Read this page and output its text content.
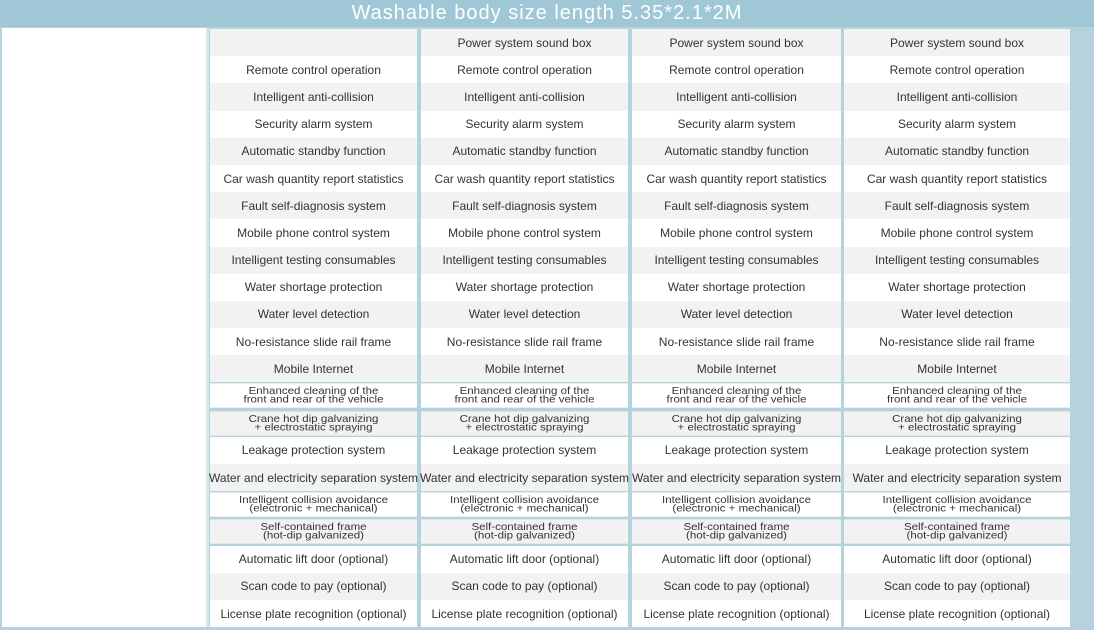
Washable body size length 5.35*2.1*2M
Remote control operation
Intelligent anti-collision
Security alarm system
Automatic standby function
Car wash quantity report statistics
Fault self-diagnosis system
Mobile phone control system
Intelligent testing consumables
Water shortage protection
Water level detection
No-resistance slide rail frame
Mobile Internet
Enhanced cleaning of the
front and rear of the vehicle
Crane hot dip galvanizing
+ electrostatic spraying
Leakage protection system
Water and electricity separation system
Intelligent collision avoidance
(electronic + mechanical)
Self-contained frame
(hot-dip galvanized)
Automatic lift door (optional)
Scan code to pay (optional)
License plate recognition (optional)
Power system sound box
Remote control operation
Intelligent anti-collision
Security alarm system
Automatic standby function
Car wash quantity report statistics
Fault self-diagnosis system
Mobile phone control system
Intelligent testing consumables
Water shortage protection
Water level detection
No-resistance slide rail frame
Mobile Internet
Enhanced cleaning of the
front and rear of the vehicle
Crane hot dip galvanizing
+ electrostatic spraying
Leakage protection system
Water and electricity separation system
Intelligent collision avoidance
(electronic + mechanical)
Self-contained frame
(hot-dip galvanized)
Automatic lift door (optional)
Scan code to pay (optional)
License plate recognition (optional)
Power system sound box
Remote control operation
Intelligent anti-collision
Security alarm system
Automatic standby function
Car wash quantity report statistics
Fault self-diagnosis system
Mobile phone control system
Intelligent testing consumables
Water shortage protection
Water level detection
No-resistance slide rail frame
Mobile Internet
Enhanced cleaning of the
front and rear of the vehicle
Crane hot dip galvanizing
+ electrostatic spraying
Leakage protection system
Water and electricity separation system
Intelligent collision avoidance
(electronic + mechanical)
Self-contained frame
(hot-dip galvanized)
Automatic lift door (optional)
Scan code to pay (optional)
License plate recognition (optional)
Power system sound box
Remote control operation
Intelligent anti-collision
Security alarm system
Automatic standby function
Car wash quantity report statistics
Fault self-diagnosis system
Mobile phone control system
Intelligent testing consumables
Water shortage protection
Water level detection
No-resistance slide rail frame
Mobile Internet
Enhanced cleaning of the
front and rear of the vehicle
Crane hot dip galvanizing
+ electrostatic spraying
Leakage protection system
Water and electricity separation system
Intelligent collision avoidance
(electronic + mechanical)
Self-contained frame
(hot-dip galvanized)
Automatic lift door (optional)
Scan code to pay (optional)
License plate recognition (optional)
